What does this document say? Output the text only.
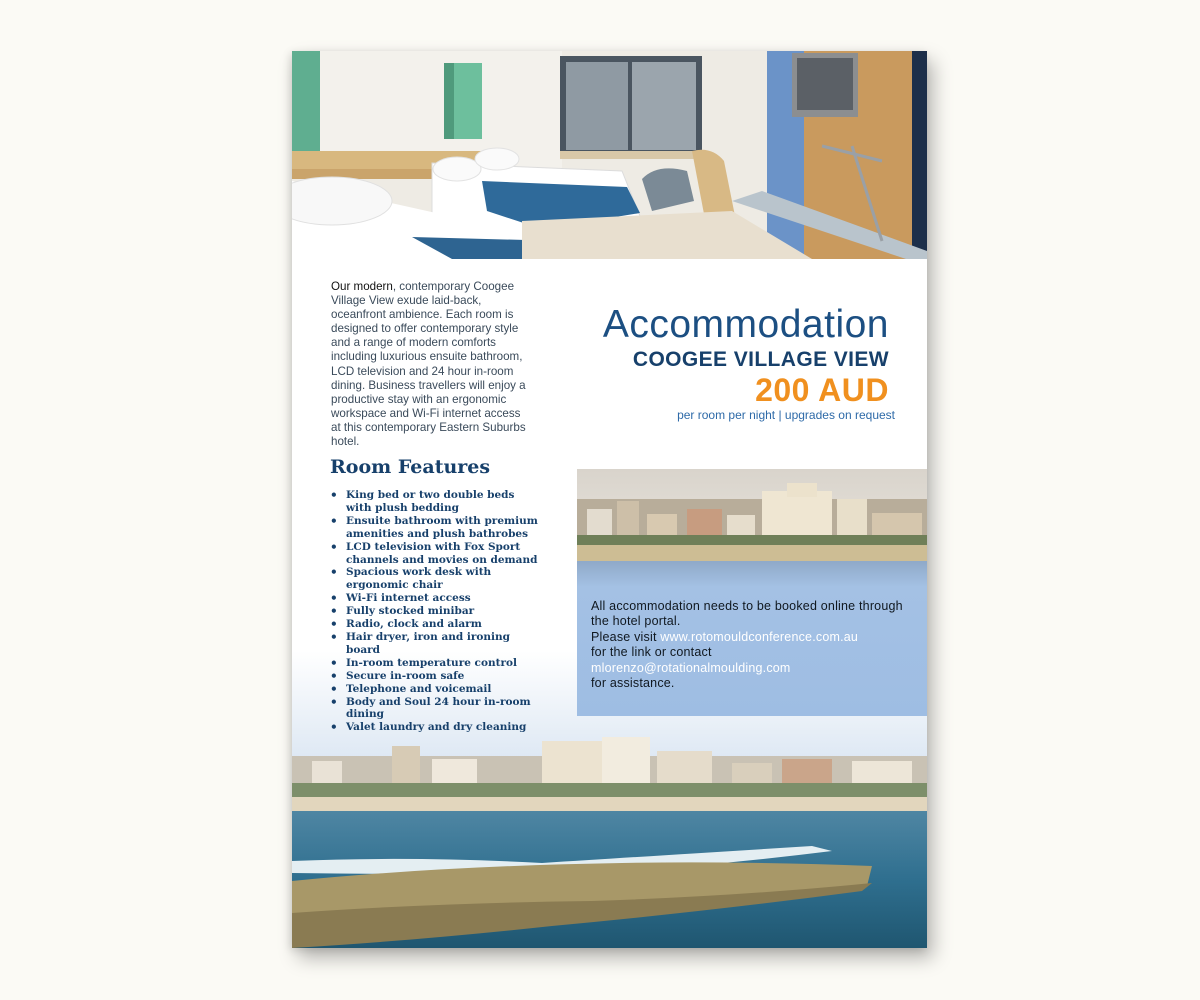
Our modern, contemporary Coogee Village View exude laid-back, oceanfront ambience. Each room is designed to offer contemporary style and a range of modern comforts including luxurious ensuite bathroom, LCD television and 24 hour in-room dining. Business travellers will enjoy a productive stay with an ergonomic workspace and Wi-Fi internet access at this contemporary Eastern Suburbs hotel.
Accommodation
COOGEE VILLAGE VIEW
200 AUD
per room per night | upgrades on request
Room Features
• King bed or two double beds with plush bedding
• Ensuite bathroom with premium amenities and plush bathrobes
• LCD television with Fox Sport channels and movies on demand
• Spacious work desk with ergonomic chair
• Wi-Fi internet access
• Fully stocked minibar
• Radio, clock and alarm
• Hair dryer, iron and ironing board
• In-room temperature control
• Secure in-room safe
• Telephone and voicemail
• Body and Soul 24 hour in-room dining
• Valet laundry and dry cleaning
All accommodation needs to be booked online through the hotel portal.
Please visit www.rotomouldconference.com.au
for the link or contact
mlorenzo@rotationalmoulding.com
for assistance.
